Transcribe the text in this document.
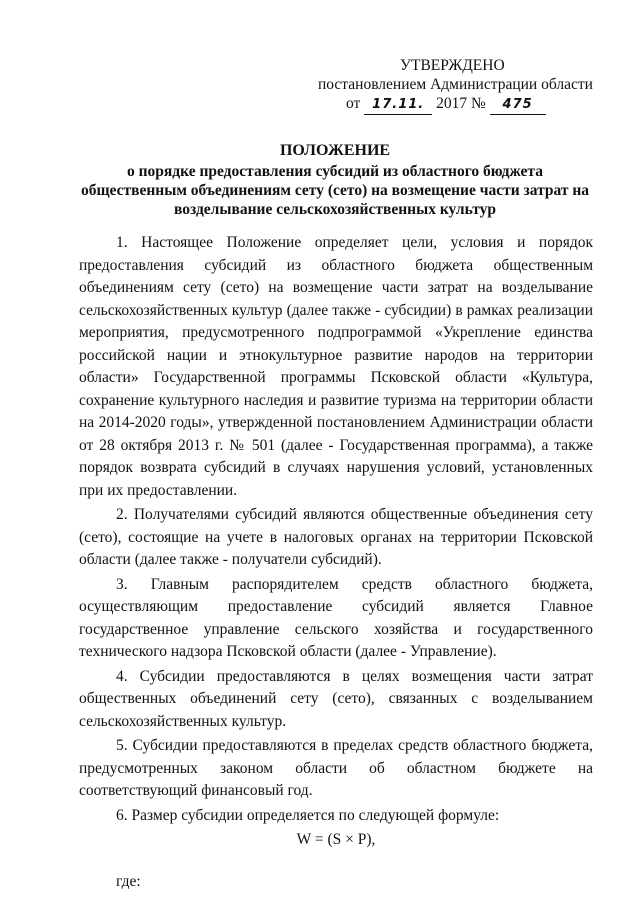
УТВЕРЖДЕНО
постановлением Администрации области
от 17.11. 2017 № 475
ПОЛОЖЕНИЕ
о порядке предоставления субсидий из областного бюджета
общественным объединениям сету (сето) на возмещение части затрат на
возделывание сельскохозяйственных культур

1. Настоящее Положение определяет цели, условия и порядок предоставления субсидий из областного бюджета общественным объединениям сету (сето) на возмещение части затрат на возделывание сельскохозяйственных культур (далее также - субсидии) в рамках реализации мероприятия, предусмотренного подпрограммой «Укрепление единства российской нации и этнокультурное развитие народов на территории области» Государственной программы Псковской области «Культура, сохранение культурного наследия и развитие туризма на территории области на 2014-2020 годы», утвержденной постановлением Администрации области от 28 октября 2013 г. № 501 (далее - Государственная программа), а также порядок возврата субсидий в случаях нарушения условий, установленных при их предоставлении.

2. Получателями субсидий являются общественные объединения сету (сето), состоящие на учете в налоговых органах на территории Псковской области (далее также - получатели субсидий).

3. Главным распорядителем средств областного бюджета, осуществляющим предоставление субсидий является Главное государственное управление сельского хозяйства и государственного технического надзора Псковской области (далее - Управление).

4. Субсидии предоставляются в целях возмещения части затрат общественных объединений сету (сето), связанных с возделыванием сельскохозяйственных культур.

5. Субсидии предоставляются в пределах средств областного бюджета, предусмотренных законом области об областном бюджете на соответствующий финансовый год.

6. Размер субсидии определяется по следующей формуле:

W = (S × P),
где:
